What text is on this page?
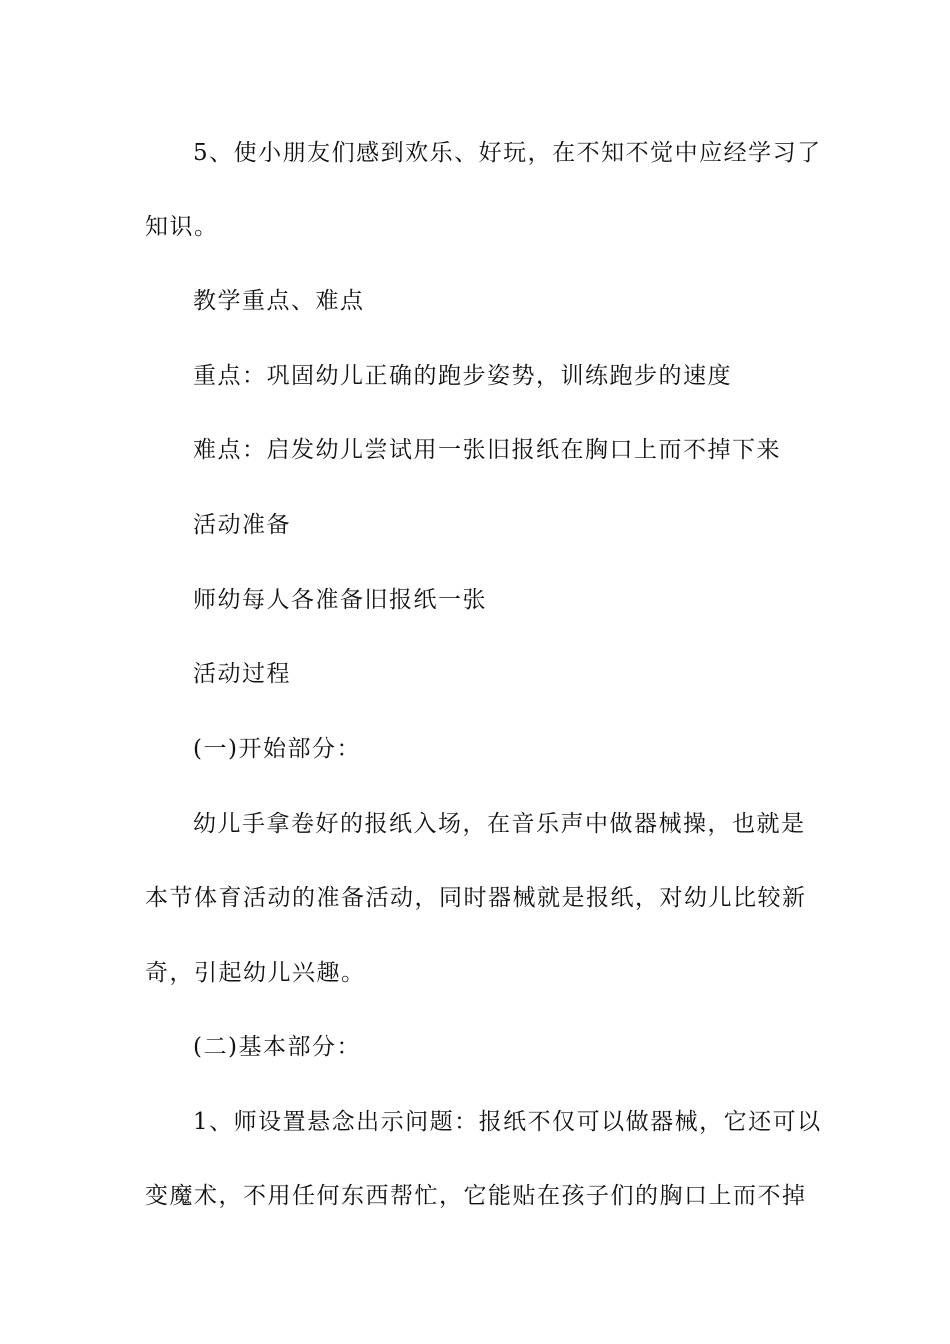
5、使小朋友们感到欢乐、好玩，在不知不觉中应经学习了
知识。
教学重点、难点
重点：巩固幼儿正确的跑步姿势，训练跑步的速度
难点：启发幼儿尝试用一张旧报纸在胸口上而不掉下来
活动准备
师幼每人各准备旧报纸一张
活动过程
(一)开始部分：
幼儿手拿卷好的报纸入场，在音乐声中做器械操，也就是
本节体育活动的准备活动，同时器械就是报纸，对幼儿比较新
奇，引起幼儿兴趣。
(二)基本部分：
1、师设置悬念出示问题：报纸不仅可以做器械，它还可以
变魔术，不用任何东西帮忙，它能贴在孩子们的胸口上而不掉
